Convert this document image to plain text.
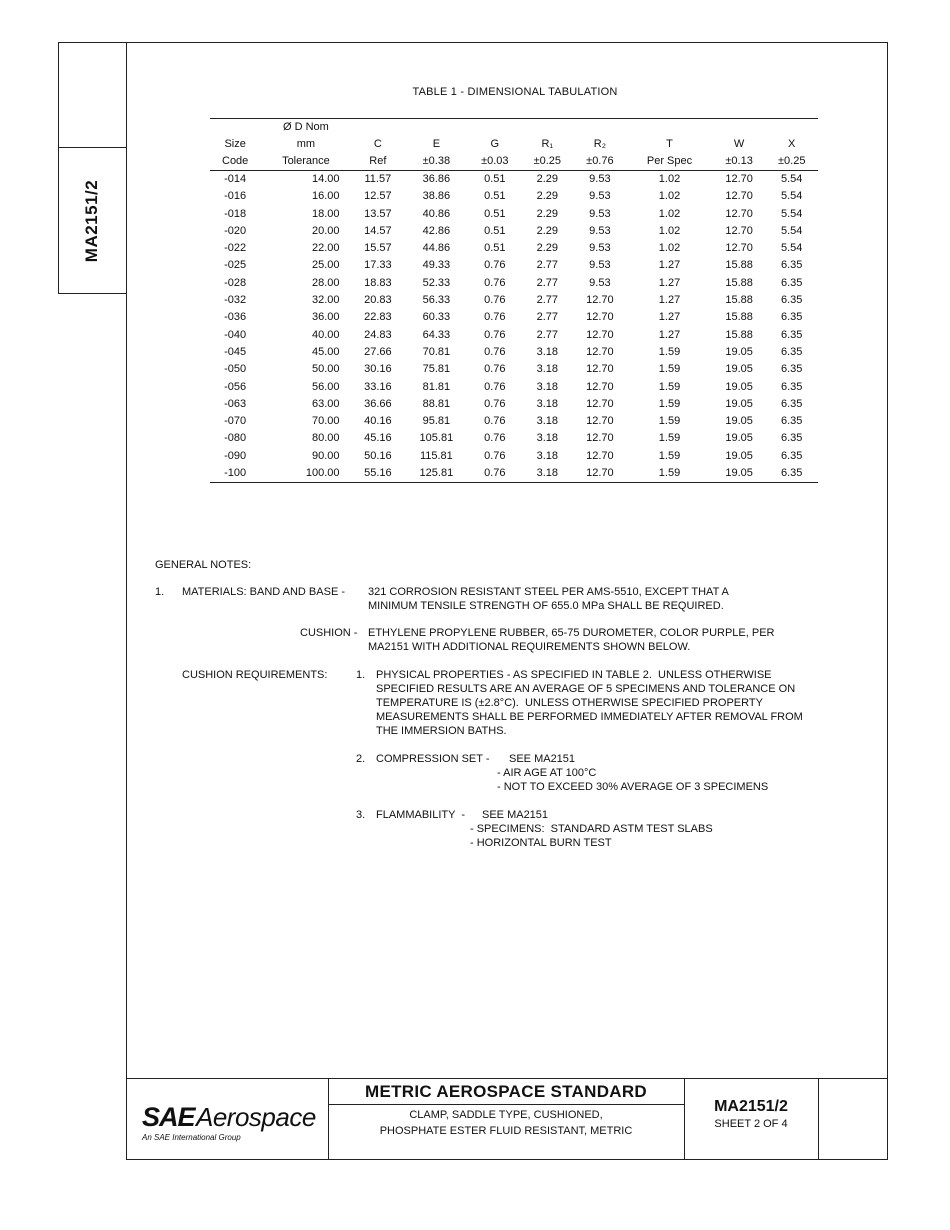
MA2151/2
TABLE 1 - DIMENSIONAL TABULATION
	Ø D Nom								
Size	mm	C	E	G	R₁	R₂	T	W	X
Code	Tolerance	Ref	±0.38	±0.03	±0.25	±0.76	Per Spec	±0.13	±0.25
-014	14.00	11.57	36.86	0.51	2.29	9.53	1.02	12.70	5.54
-016	16.00	12.57	38.86	0.51	2.29	9.53	1.02	12.70	5.54
-018	18.00	13.57	40.86	0.51	2.29	9.53	1.02	12.70	5.54
-020	20.00	14.57	42.86	0.51	2.29	9.53	1.02	12.70	5.54
-022	22.00	15.57	44.86	0.51	2.29	9.53	1.02	12.70	5.54
-025	25.00	17.33	49.33	0.76	2.77	9.53	1.27	15.88	6.35
-028	28.00	18.83	52.33	0.76	2.77	9.53	1.27	15.88	6.35
-032	32.00	20.83	56.33	0.76	2.77	12.70	1.27	15.88	6.35
-036	36.00	22.83	60.33	0.76	2.77	12.70	1.27	15.88	6.35
-040	40.00	24.83	64.33	0.76	2.77	12.70	1.27	15.88	6.35
-045	45.00	27.66	70.81	0.76	3.18	12.70	1.59	19.05	6.35
-050	50.00	30.16	75.81	0.76	3.18	12.70	1.59	19.05	6.35
-056	56.00	33.16	81.81	0.76	3.18	12.70	1.59	19.05	6.35
-063	63.00	36.66	88.81	0.76	3.18	12.70	1.59	19.05	6.35
-070	70.00	40.16	95.81	0.76	3.18	12.70	1.59	19.05	6.35
-080	80.00	45.16	105.81	0.76	3.18	12.70	1.59	19.05	6.35
-090	90.00	50.16	115.81	0.76	3.18	12.70	1.59	19.05	6.35
-100	100.00	55.16	125.81	0.76	3.18	12.70	1.59	19.05	6.35
GENERAL NOTES:
1. MATERIALS: BAND AND BASE - 321 CORROSION RESISTANT STEEL PER AMS-5510, EXCEPT THAT A
MINIMUM TENSILE STRENGTH OF 655.0 MPa SHALL BE REQUIRED.
CUSHION - ETHYLENE PROPYLENE RUBBER, 65-75 DUROMETER, COLOR PURPLE, PER
MA2151 WITH ADDITIONAL REQUIREMENTS SHOWN BELOW.
CUSHION REQUIREMENTS:	1. PHYSICAL PROPERTIES - AS SPECIFIED IN TABLE 2.  UNLESS OTHERWISE
SPECIFIED RESULTS ARE AN AVERAGE OF 5 SPECIMENS AND TOLERANCE ON
TEMPERATURE IS (±2.8°C).  UNLESS OTHERWISE SPECIFIED PROPERTY
MEASUREMENTS SHALL BE PERFORMED IMMEDIATELY AFTER REMOVAL FROM
THE IMMERSION BATHS.
2. COMPRESSION SET - SEE MA2151
- AIR AGE AT 100°C
- NOT TO EXCEED 30% AVERAGE OF 3 SPECIMENS
3. FLAMMABILITY  - SEE MA2151
- SPECIMENS:  STANDARD ASTM TEST SLABS
- HORIZONTAL BURN TEST
SAE Aerospace
An SAE International Group
METRIC AEROSPACE STANDARD
CLAMP, SADDLE TYPE, CUSHIONED,
PHOSPHATE ESTER FLUID RESISTANT, METRIC
MA2151/2
SHEET 2 OF 4
